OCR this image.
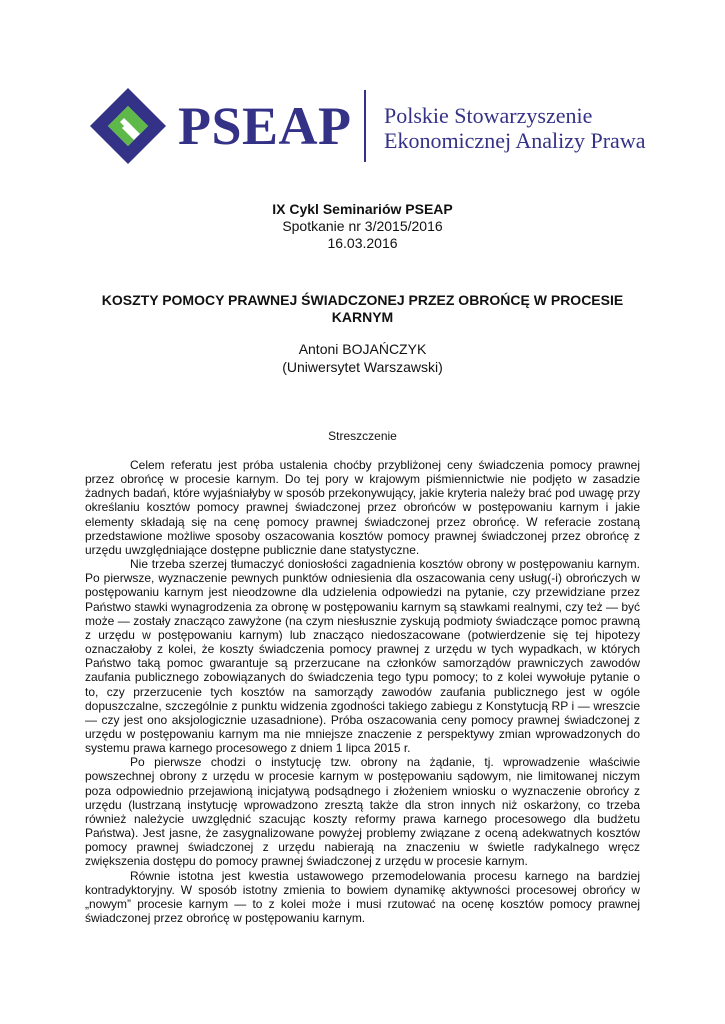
PSEAP Polskie Stowarzyszenie
Ekonomicznej Analizy Prawa
IX Cykl Seminariów PSEAP
Spotkanie nr 3/2015/2016
16.03.2016
KOSZTY POMOCY PRAWNEJ ŚWIADCZONEJ PRZEZ OBROŃCĘ W PROCESIE KARNYM
Antoni BOJAŃCZYK
(Uniwersytet Warszawski)
Streszczenie

Celem referatu jest próba ustalenia choćby przybliżonej ceny świadczenia pomocy prawnej przez obrońcę w procesie karnym. Do tej pory w krajowym piśmiennictwie nie podjęto w zasadzie żadnych badań, które wyjaśniałyby w sposób przekonywujący, jakie kryteria należy brać pod uwagę przy określaniu kosztów pomocy prawnej świadczonej przez obrońców w postępowaniu karnym i jakie elementy składają się na cenę pomocy prawnej świadczonej przez obrońcę. W referacie zostaną przedstawione możliwe sposoby oszacowania kosztów pomocy prawnej świadczonej przez obrońcę z urzędu uwzględniające dostępne publicznie dane statystyczne.

Nie trzeba szerzej tłumaczyć doniosłości zagadnienia kosztów obrony w postępowaniu karnym. Po pierwsze, wyznaczenie pewnych punktów odniesienia dla oszacowania ceny usług(-i) obrończych w postępowaniu karnym jest nieodzowne dla udzielenia odpowiedzi na pytanie, czy przewidziane przez Państwo stawki wynagrodzenia za obronę w postępowaniu karnym są stawkami realnymi, czy też — być może — zostały znacząco zawyżone (na czym niesłusznie zyskują podmioty świadczące pomoc prawną z urzędu w postępowaniu karnym) lub znacząco niedoszacowane (potwierdzenie się tej hipotezy oznaczałoby z kolei, że koszty świadczenia pomocy prawnej z urzędu w tych wypadkach, w których Państwo taką pomoc gwarantuje są przerzucane na członków samorządów prawniczych zawodów zaufania publicznego zobowiązanych do świadczenia tego typu pomocy; to z kolei wywołuje pytanie o to, czy przerzucenie tych kosztów na samorządy zawodów zaufania publicznego jest w ogóle dopuszczalne, szczególnie z punktu widzenia zgodności takiego zabiegu z Konstytucją RP i — wreszcie — czy jest ono aksjologicznie uzasadnione). Próba oszacowania ceny pomocy prawnej świadczonej z urzędu w postępowaniu karnym ma nie mniejsze znaczenie z perspektywy zmian wprowadzonych do systemu prawa karnego procesowego z dniem 1 lipca 2015 r.

Po pierwsze chodzi o instytucję tzw. obrony na żądanie, tj. wprowadzenie właściwie powszechnej obrony z urzędu w procesie karnym w postępowaniu sądowym, nie limitowanej niczym poza odpowiednio przejawioną inicjatywą podsądnego i złożeniem wniosku o wyznaczenie obrońcy z urzędu (lustrzaną instytucję wprowadzono zresztą także dla stron innych niż oskarżony, co trzeba również należycie uwzględnić szacując koszty reformy prawa karnego procesowego dla budżetu Państwa). Jest jasne, że zasygnalizowane powyżej problemy związane z oceną adekwatnych kosztów pomocy prawnej świadczonej z urzędu nabierają na znaczeniu w świetle radykalnego wręcz zwiększenia dostępu do pomocy prawnej świadczonej z urzędu w procesie karnym.

Równie istotna jest kwestia ustawowego przemodelowania procesu karnego na bardziej kontradyktoryjny. W sposób istotny zmienia to bowiem dynamikę aktywności procesowej obrońcy w „nowym” procesie karnym — to z kolei może i musi rzutować na ocenę kosztów pomocy prawnej świadczonej przez obrońcę w postępowaniu karnym.
